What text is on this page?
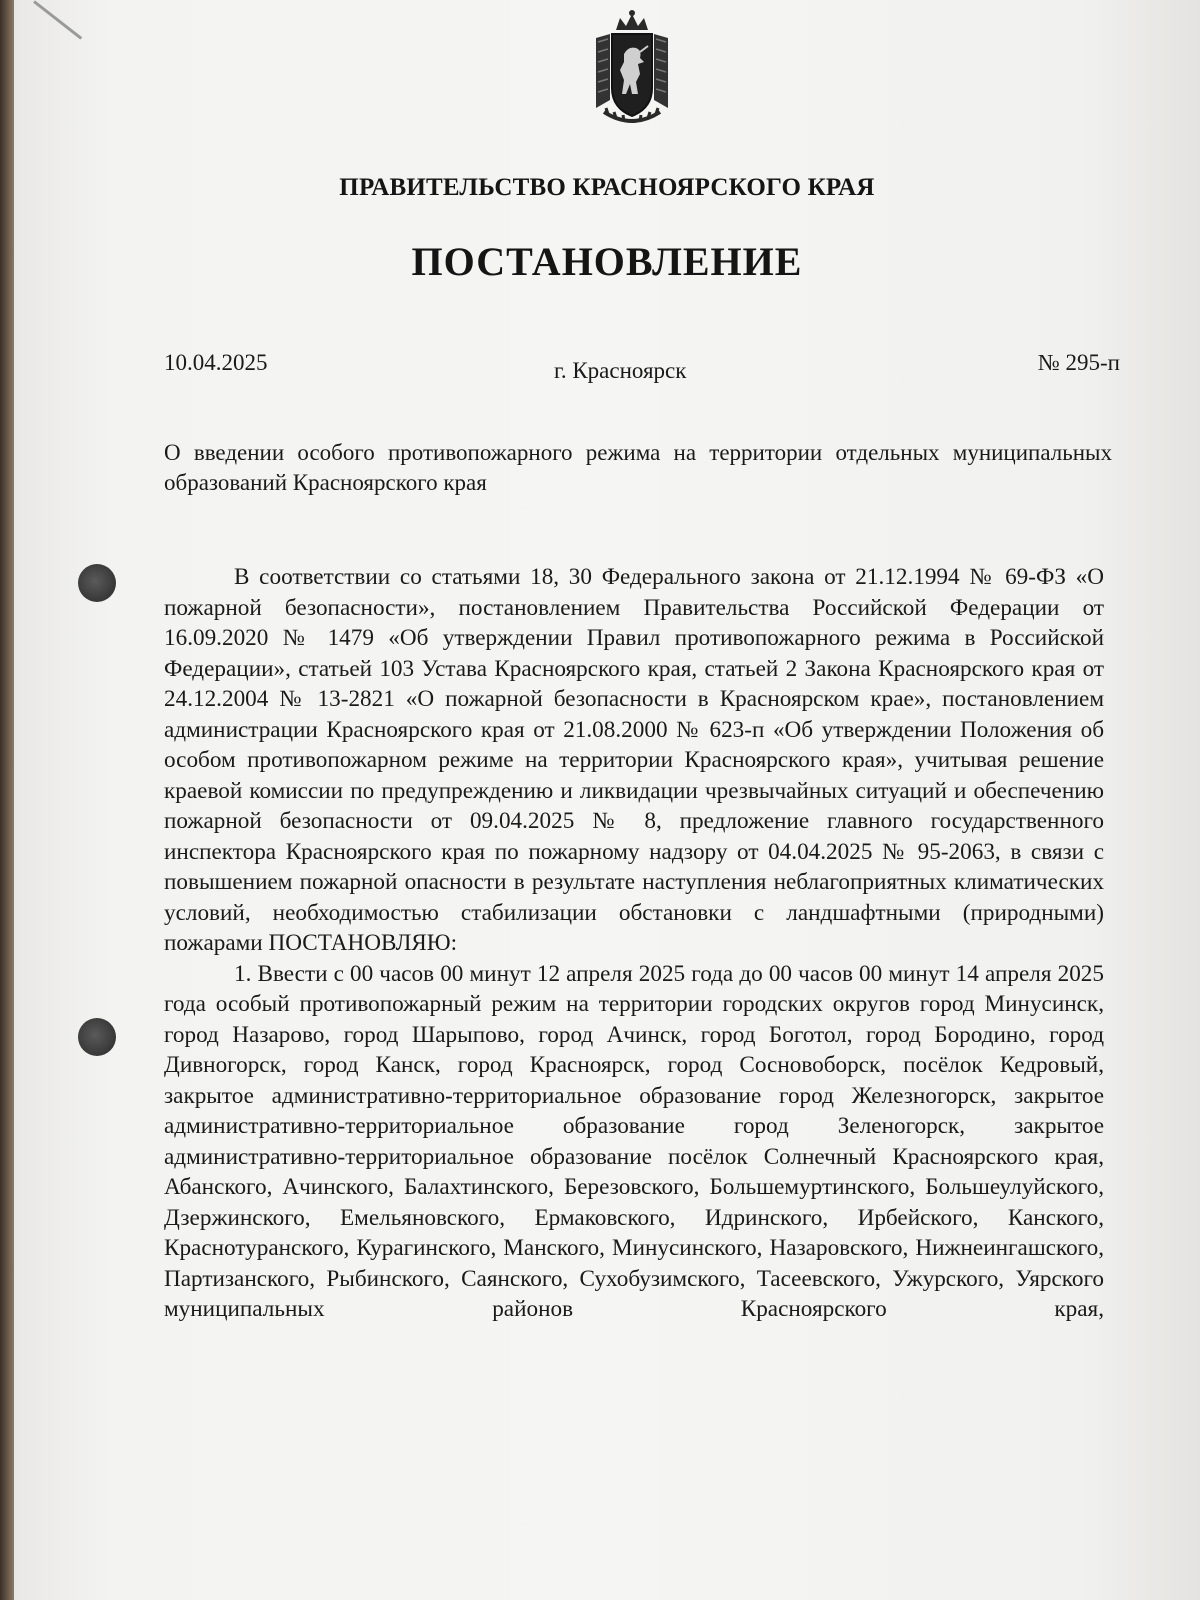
ПРАВИТЕЛЬСТВО КРАСНОЯРСКОГО КРАЯ
ПОСТАНОВЛЕНИЕ
10.04.2025	г. Красноярск	№ 295-п
О введении особого противопожарного режима на территории отдельных муниципальных образований Красноярского края

В соответствии со статьями 18, 30 Федерального закона от 21.12.1994 № 69-ФЗ «О пожарной безопасности», постановлением Правительства Российской Федерации от 16.09.2020 № 1479 «Об утверждении Правил противопожарного режима в Российской Федерации», статьей 103 Устава Красноярского края, статьей 2 Закона Красноярского края от 24.12.2004 № 13-2821 «О пожарной безопасности в Красноярском крае», постановлением администрации Красноярского края от 21.08.2000 № 623-п «Об утверждении Положения об особом противопожарном режиме на территории Красноярского края», учитывая решение краевой комиссии по предупреждению и ликвидации чрезвычайных ситуаций и обеспечению пожарной безопасности от 09.04.2025 № 8, предложение главного государственного инспектора Красноярского края по пожарному надзору от 04.04.2025 № 95-2063, в связи с повышением пожарной опасности в результате наступления неблагоприятных климатических условий, необходимостью стабилизации обстановки с ландшафтными (природными) пожарами ПОСТАНОВЛЯЮ:

1. Ввести с 00 часов 00 минут 12 апреля 2025 года до 00 часов 00 минут 14 апреля 2025 года особый противопожарный режим на территории городских округов город Минусинск, город Назарово, город Шарыпово, город Ачинск, город Боготол, город Бородино, город Дивногорск, город Канск, город Красноярск, город Сосновоборск, посёлок Кедровый, закрытое административно-территориальное образование город Железногорск, закрытое административно-территориальное образование город Зеленогорск, закрытое административно-территориальное образование посёлок Солнечный Красноярского края, Абанского, Ачинского, Балахтинского, Березовского, Большемуртинского, Большеулуйского, Дзержинского, Емельяновского, Ермаковского, Идринского, Ирбейского, Канского, Краснотуранского, Курагинского, Манского, Минусинского, Назаровского, Нижнеингашского, Партизанского, Рыбинского, Саянского, Сухобузимского, Тасеевского, Ужурского, Уярского муниципальных районов Красноярского края,
